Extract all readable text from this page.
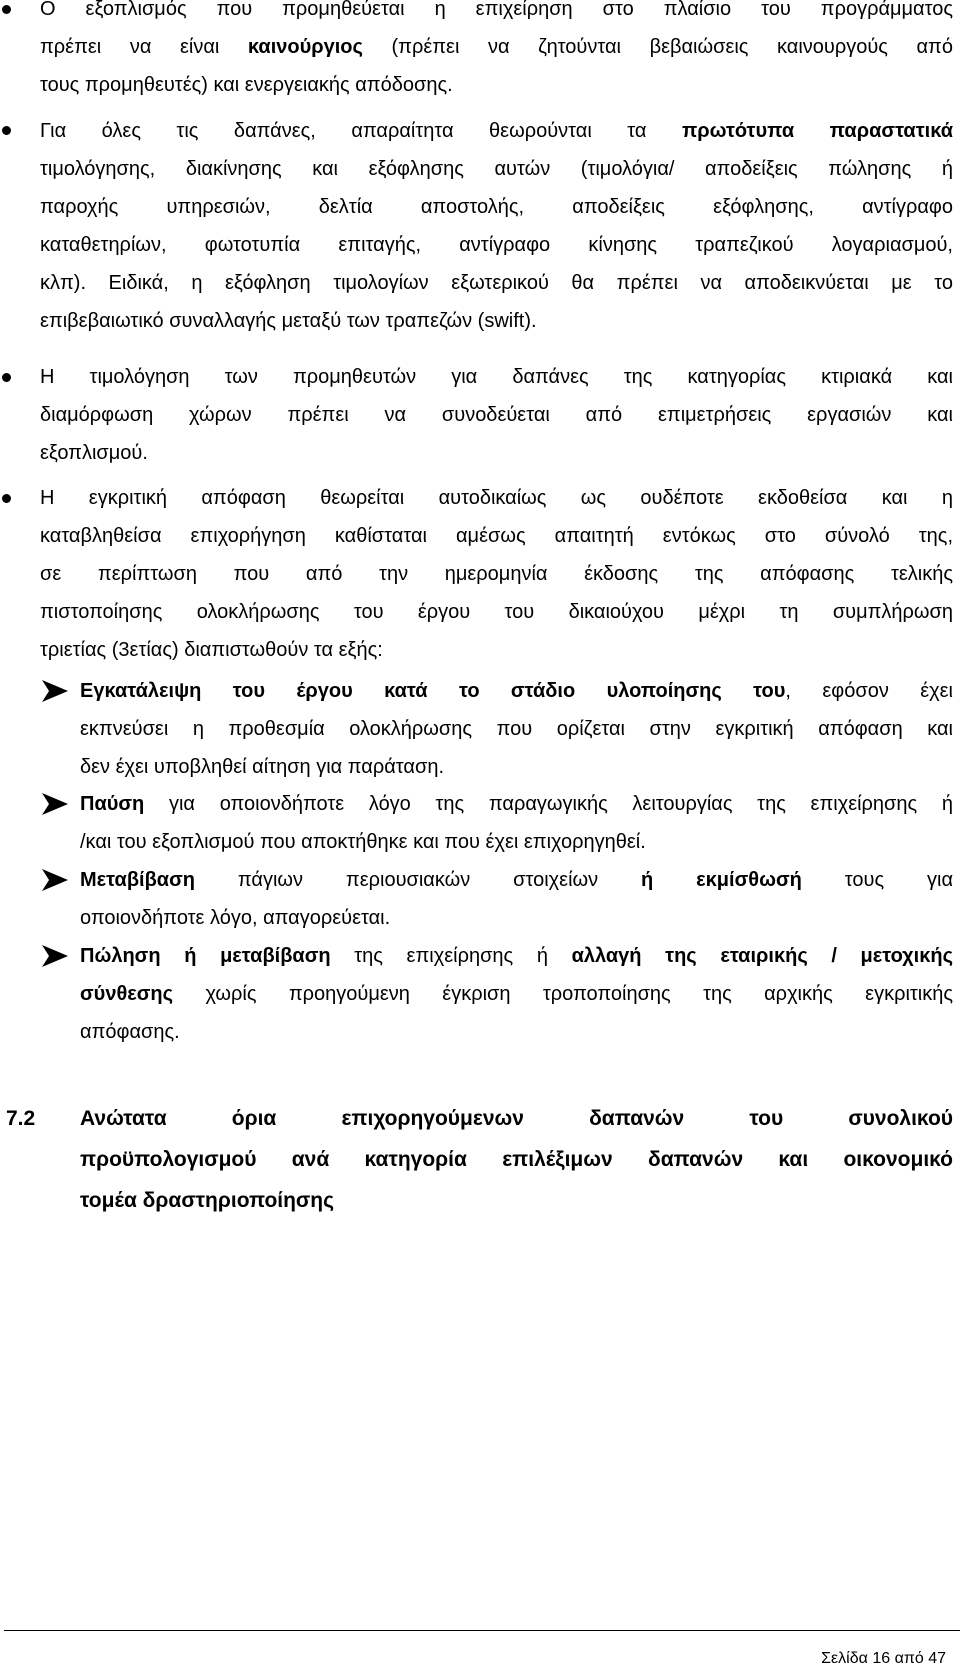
Ο εξοπλισμός που προμηθεύεται η επιχείρηση στο πλαίσιο του προγράμματος
πρέπει να είναι καινούργιος (πρέπει να ζητούνται βεβαιώσεις καινουργούς από
τους προμηθευτές) και ενεργειακής απόδοσης.
Για όλες τις δαπάνες, απαραίτητα θεωρούνται τα πρωτότυπα παραστατικά
τιμολόγησης, διακίνησης και εξόφλησης αυτών (τιμολόγια/ αποδείξεις πώλησης ή
παροχής υπηρεσιών, δελτία αποστολής, αποδείξεις εξόφλησης, αντίγραφο
καταθετηρίων, φωτοτυπία επιταγής, αντίγραφο κίνησης τραπεζικού λογαριασμού,
κλπ). Ειδικά, η εξόφληση τιμολογίων εξωτερικού θα πρέπει να αποδεικνύεται με το
επιβεβαιωτικό συναλλαγής μεταξύ των τραπεζών (swift).
Η τιμολόγηση των προμηθευτών για δαπάνες της κατηγορίας κτιριακά και
διαμόρφωση χώρων πρέπει να συνοδεύεται από επιμετρήσεις εργασιών και
εξοπλισμού.
Η εγκριτική απόφαση θεωρείται αυτοδικαίως ως ουδέποτε εκδοθείσα και η
καταβληθείσα επιχορήγηση καθίσταται αμέσως απαιτητή εντόκως στο σύνολό της,
σε περίπτωση που από την ημερομηνία έκδοσης της απόφασης τελικής
πιστοποίησης ολοκλήρωσης του έργου του δικαιούχου μέχρι τη συμπλήρωση
τριετίας (3ετίας) διαπιστωθούν τα εξής:
Εγκατάλειψη του έργου κατά το στάδιο υλοποίησης του, εφόσον έχει
εκπνεύσει η προθεσμία ολοκλήρωσης που ορίζεται στην εγκριτική απόφαση και
δεν έχει υποβληθεί αίτηση για παράταση.
Παύση για οποιονδήποτε λόγο της παραγωγικής λειτουργίας της επιχείρησης ή
/και του εξοπλισμού που αποκτήθηκε και που έχει επιχορηγηθεί.
Μεταβίβαση πάγιων περιουσιακών στοιχείων ή εκμίσθωσή τους για
οποιονδήποτε λόγο, απαγορεύεται.
Πώληση ή μεταβίβαση της επιχείρησης ή αλλαγή της εταιρικής / μετοχικής
σύνθεσης χωρίς προηγούμενη έγκριση τροποποίησης της αρχικής εγκριτικής
απόφασης.
7.2 Ανώτατα όρια επιχορηγούμενων δαπανών του συνολικού
προϋπολογισμού ανά κατηγορία επιλέξιμων δαπανών και οικονομικό
τομέα δραστηριοποίησης
Σελίδα 16 από 47
